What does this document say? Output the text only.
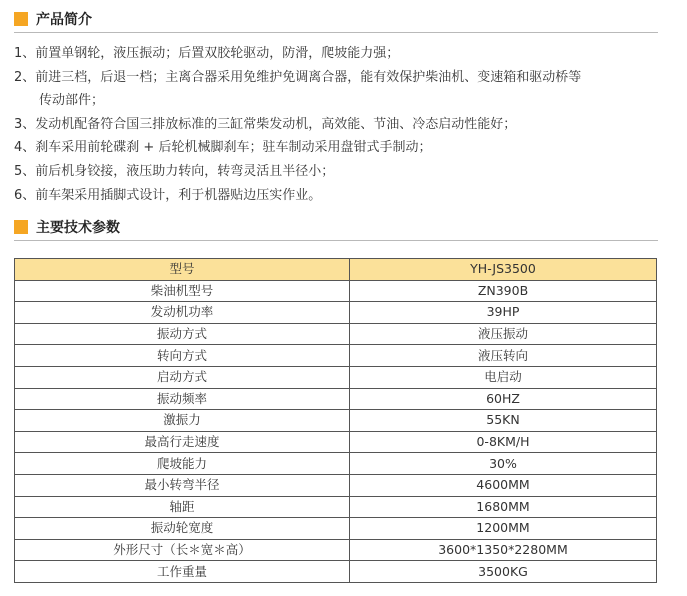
产品简介
1、前置单钢轮，液压振动；后置双胶轮驱动，防滑，爬坡能力强；
2、前进三档，后退一档；主离合器采用免维护免调离合器，能有效保护柴油机、变速箱和驱动桥等
传动部件；
3、发动机配备符合国三排放标准的三缸常柴发动机，高效能、节油、冷态启动性能好；
4、刹车采用前轮碟刹 + 后轮机械脚刹车；驻车制动采用盘钳式手制动；
5、前后机身铰接，液压助力转向，转弯灵活且半径小；
6、前车架采用插脚式设计，利于机器贴边压实作业。
主要技术参数
型号	YH-JS3500
柴油机型号	ZN390B
发动机功率	39HP
振动方式	液压振动
转向方式	液压转向
启动方式	电启动
振动频率	60HZ
激振力	55KN
最高行走速度	0-8KM/H
爬坡能力	30%
最小转弯半径	4600MM
轴距	1680MM
振动轮宽度	1200MM
外形尺寸（长＊宽＊高）	3600*1350*2280MM
工作重量	3500KG
